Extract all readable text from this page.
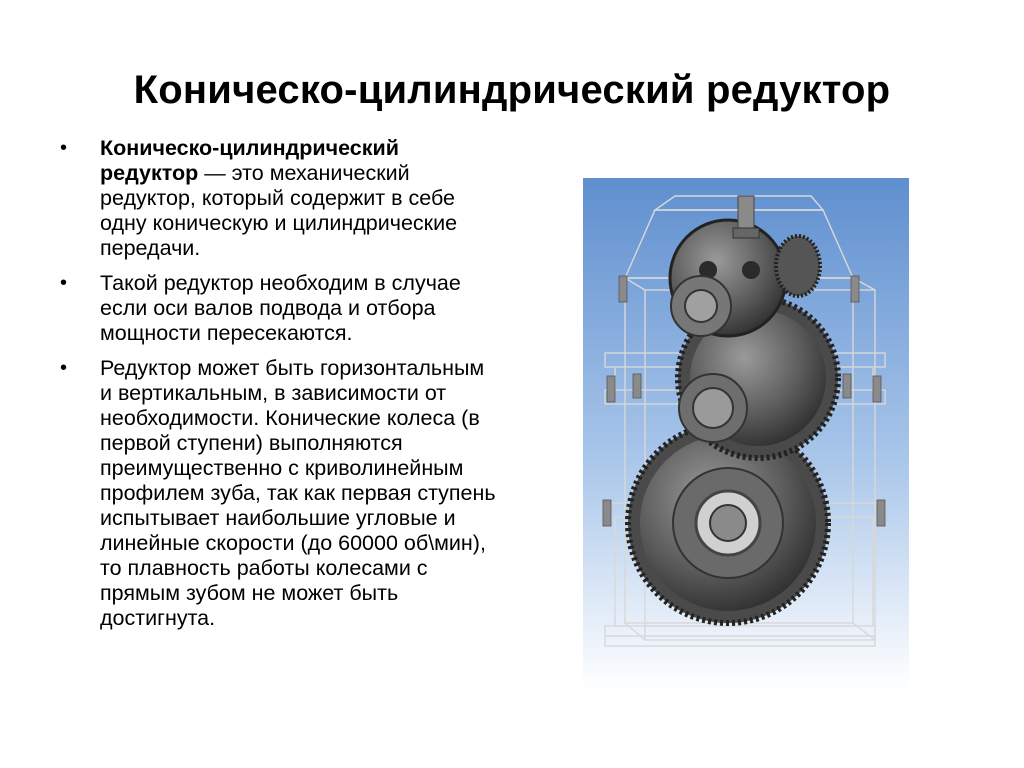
Коническо-цилиндрический редуктор
• Коническо-цилиндрический редуктор — это механический редуктор, который содержит в себе одну коническую и цилиндрические передачи.
• Такой редуктор необходим в случае если оси валов подвода и отбора мощности пересекаются.
• Редуктор может быть горизонтальным и вертикальным, в зависимости от необходимости. Конические колеса (в первой ступени) выполняются преимущественно с криволинейным профилем зуба, так как первая ступень испытывает наибольшие угловые и линейные скорости (до 60000 об\мин), то плавность работы колесами с прямым зубом не может быть достигнута.
